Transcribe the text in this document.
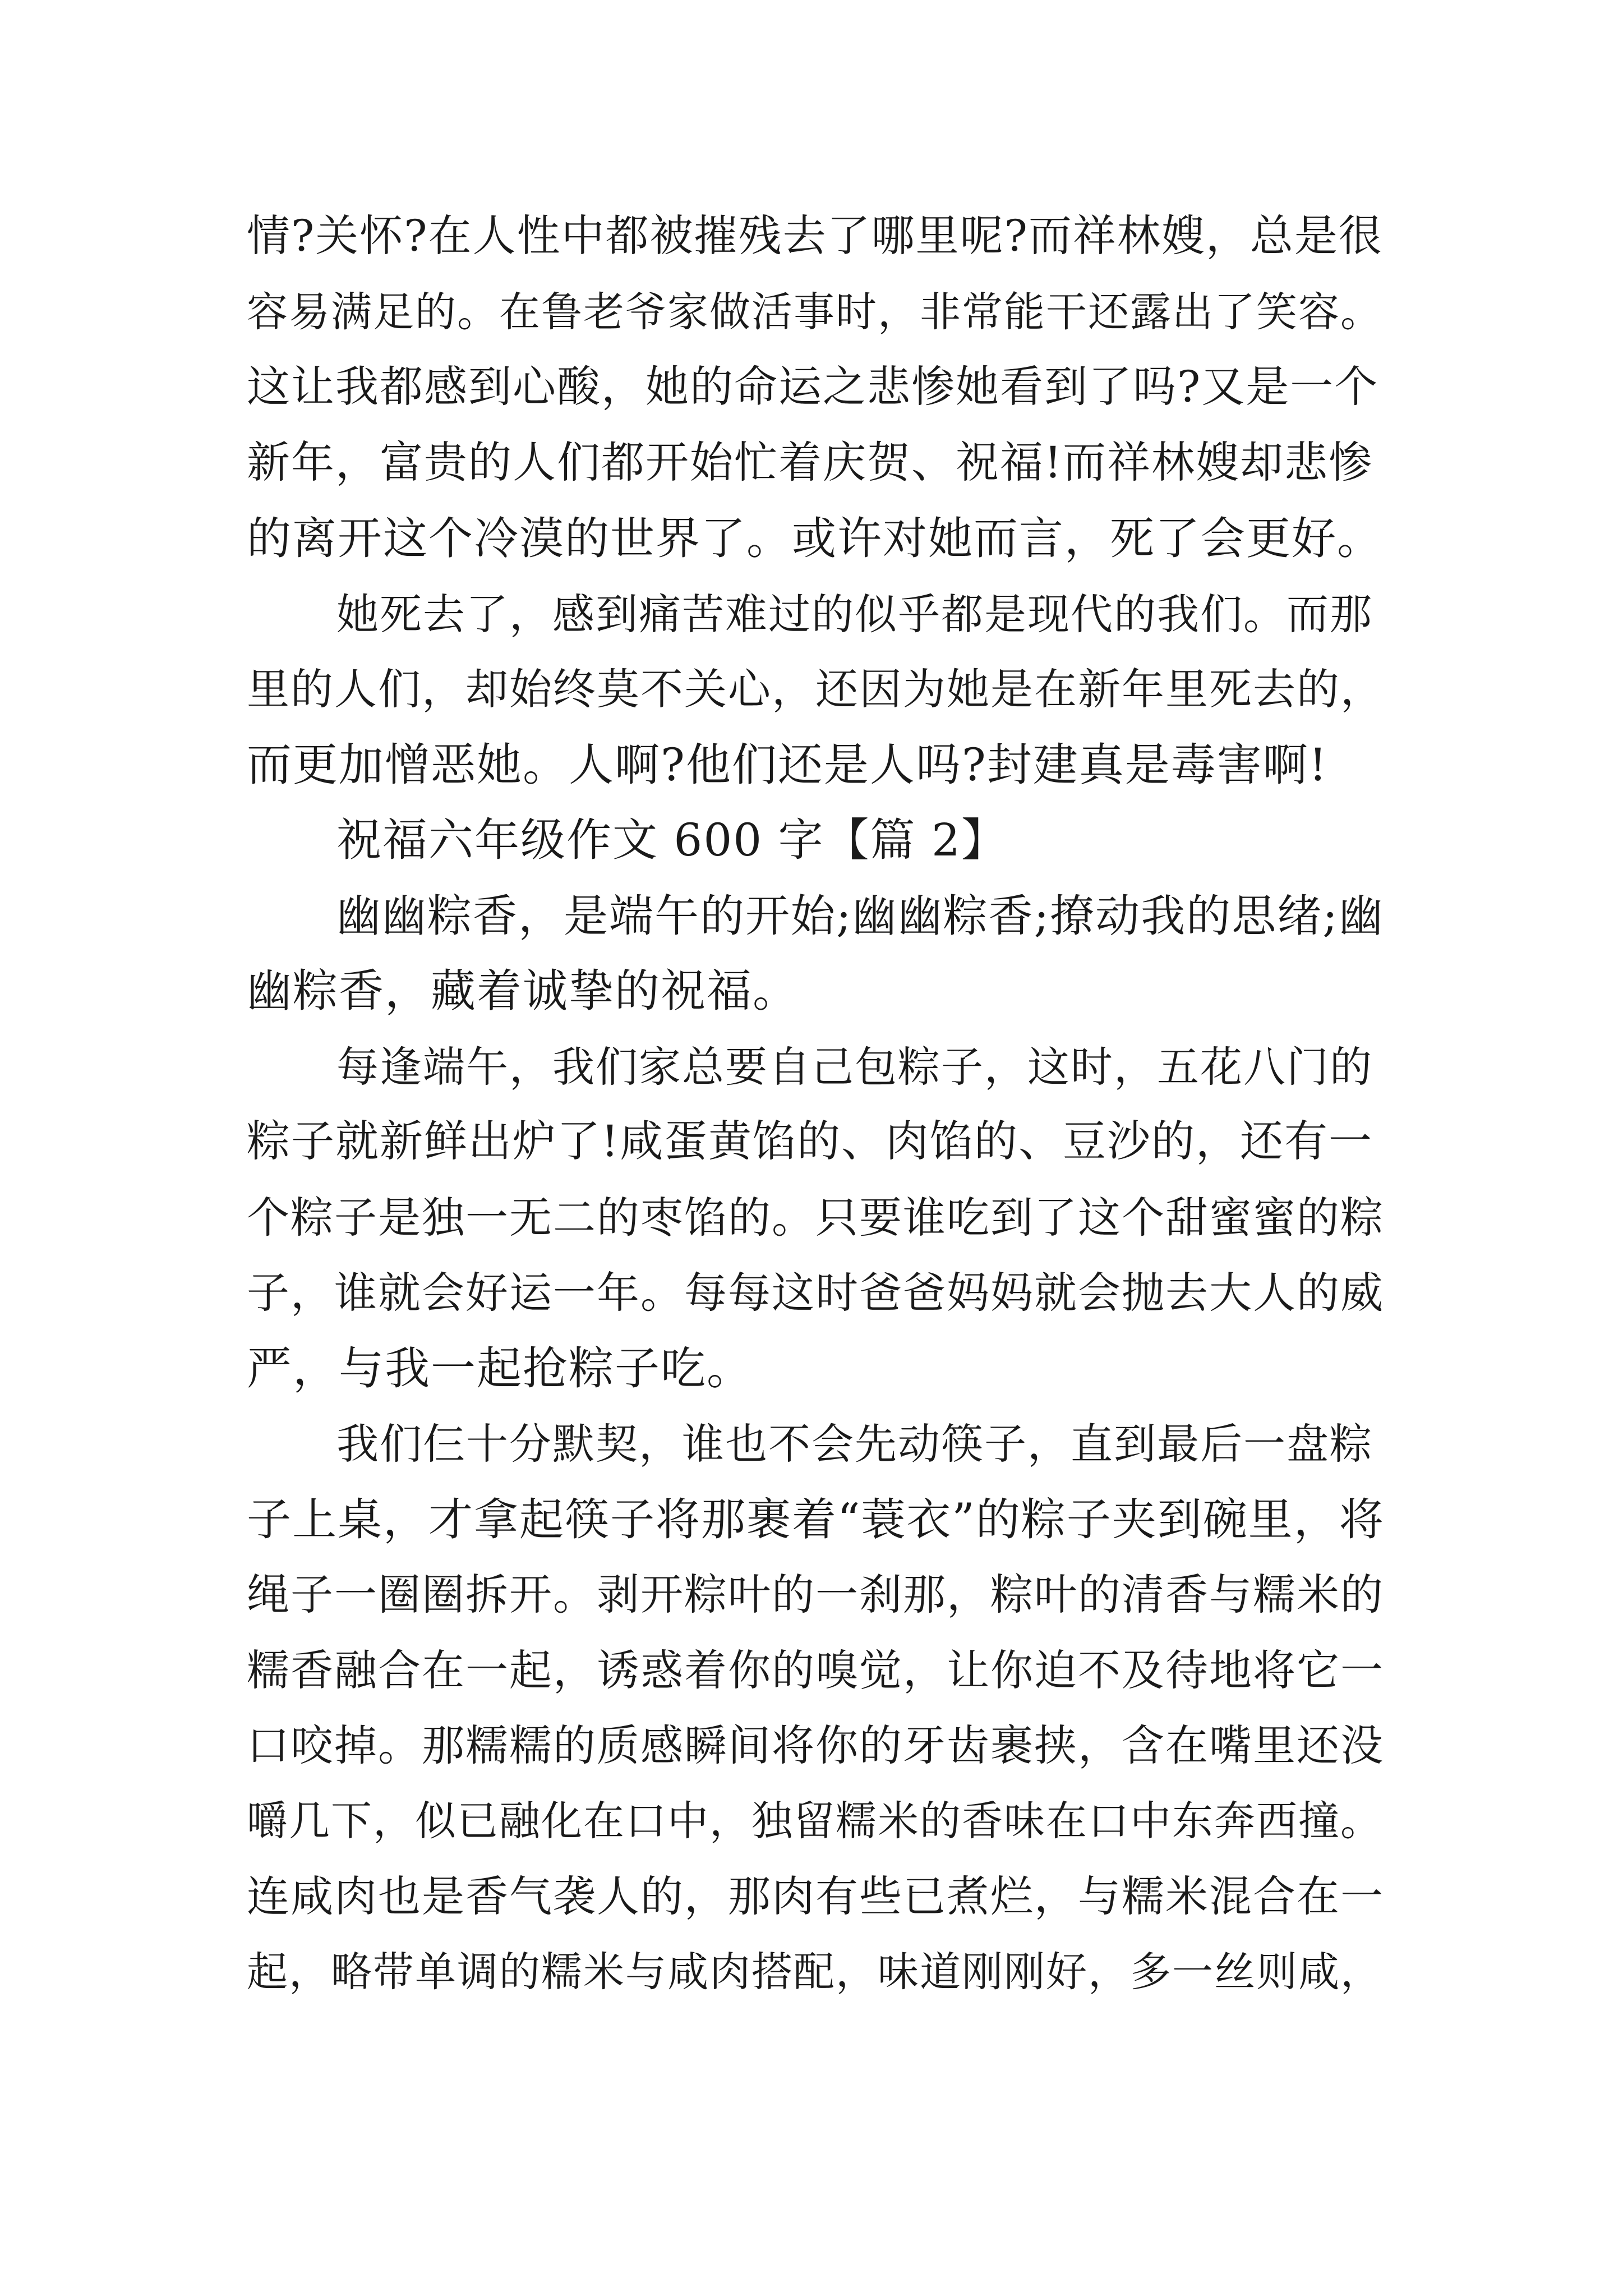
情?关怀?在人性中都被摧残去了哪里呢?而祥林嫂，总是很
容易满足的。在鲁老爷家做活事时，非常能干还露出了笑容。
这让我都感到心酸，她的命运之悲惨她看到了吗?又是一个
新年，富贵的人们都开始忙着庆贺、祝福!而祥林嫂却悲惨
的离开这个冷漠的世界了。或许对她而言，死了会更好。
她死去了，感到痛苦难过的似乎都是现代的我们。而那
里的人们，却始终莫不关心，还因为她是在新年里死去的，
而更加憎恶她。人啊?他们还是人吗?封建真是毒害啊!
祝福六年级作文 600 字【篇 2】
幽幽粽香，是端午的开始;幽幽粽香;撩动我的思绪;幽
幽粽香，藏着诚挚的祝福。
每逢端午，我们家总要自己包粽子，这时，五花八门的
粽子就新鲜出炉了!咸蛋黄馅的、肉馅的、豆沙的，还有一
个粽子是独一无二的枣馅的。只要谁吃到了这个甜蜜蜜的粽
子，谁就会好运一年。每每这时爸爸妈妈就会抛去大人的威
严，与我一起抢粽子吃。
我们仨十分默契，谁也不会先动筷子，直到最后一盘粽
子上桌，才拿起筷子将那裹着“蓑衣”的粽子夹到碗里，将
绳子一圈圈拆开。剥开粽叶的一刹那，粽叶的清香与糯米的
糯香融合在一起，诱惑着你的嗅觉，让你迫不及待地将它一
口咬掉。那糯糯的质感瞬间将你的牙齿裹挟，含在嘴里还没
嚼几下，似已融化在口中，独留糯米的香味在口中东奔西撞。
连咸肉也是香气袭人的，那肉有些已煮烂，与糯米混合在一
起，略带单调的糯米与咸肉搭配，味道刚刚好，多一丝则咸，
